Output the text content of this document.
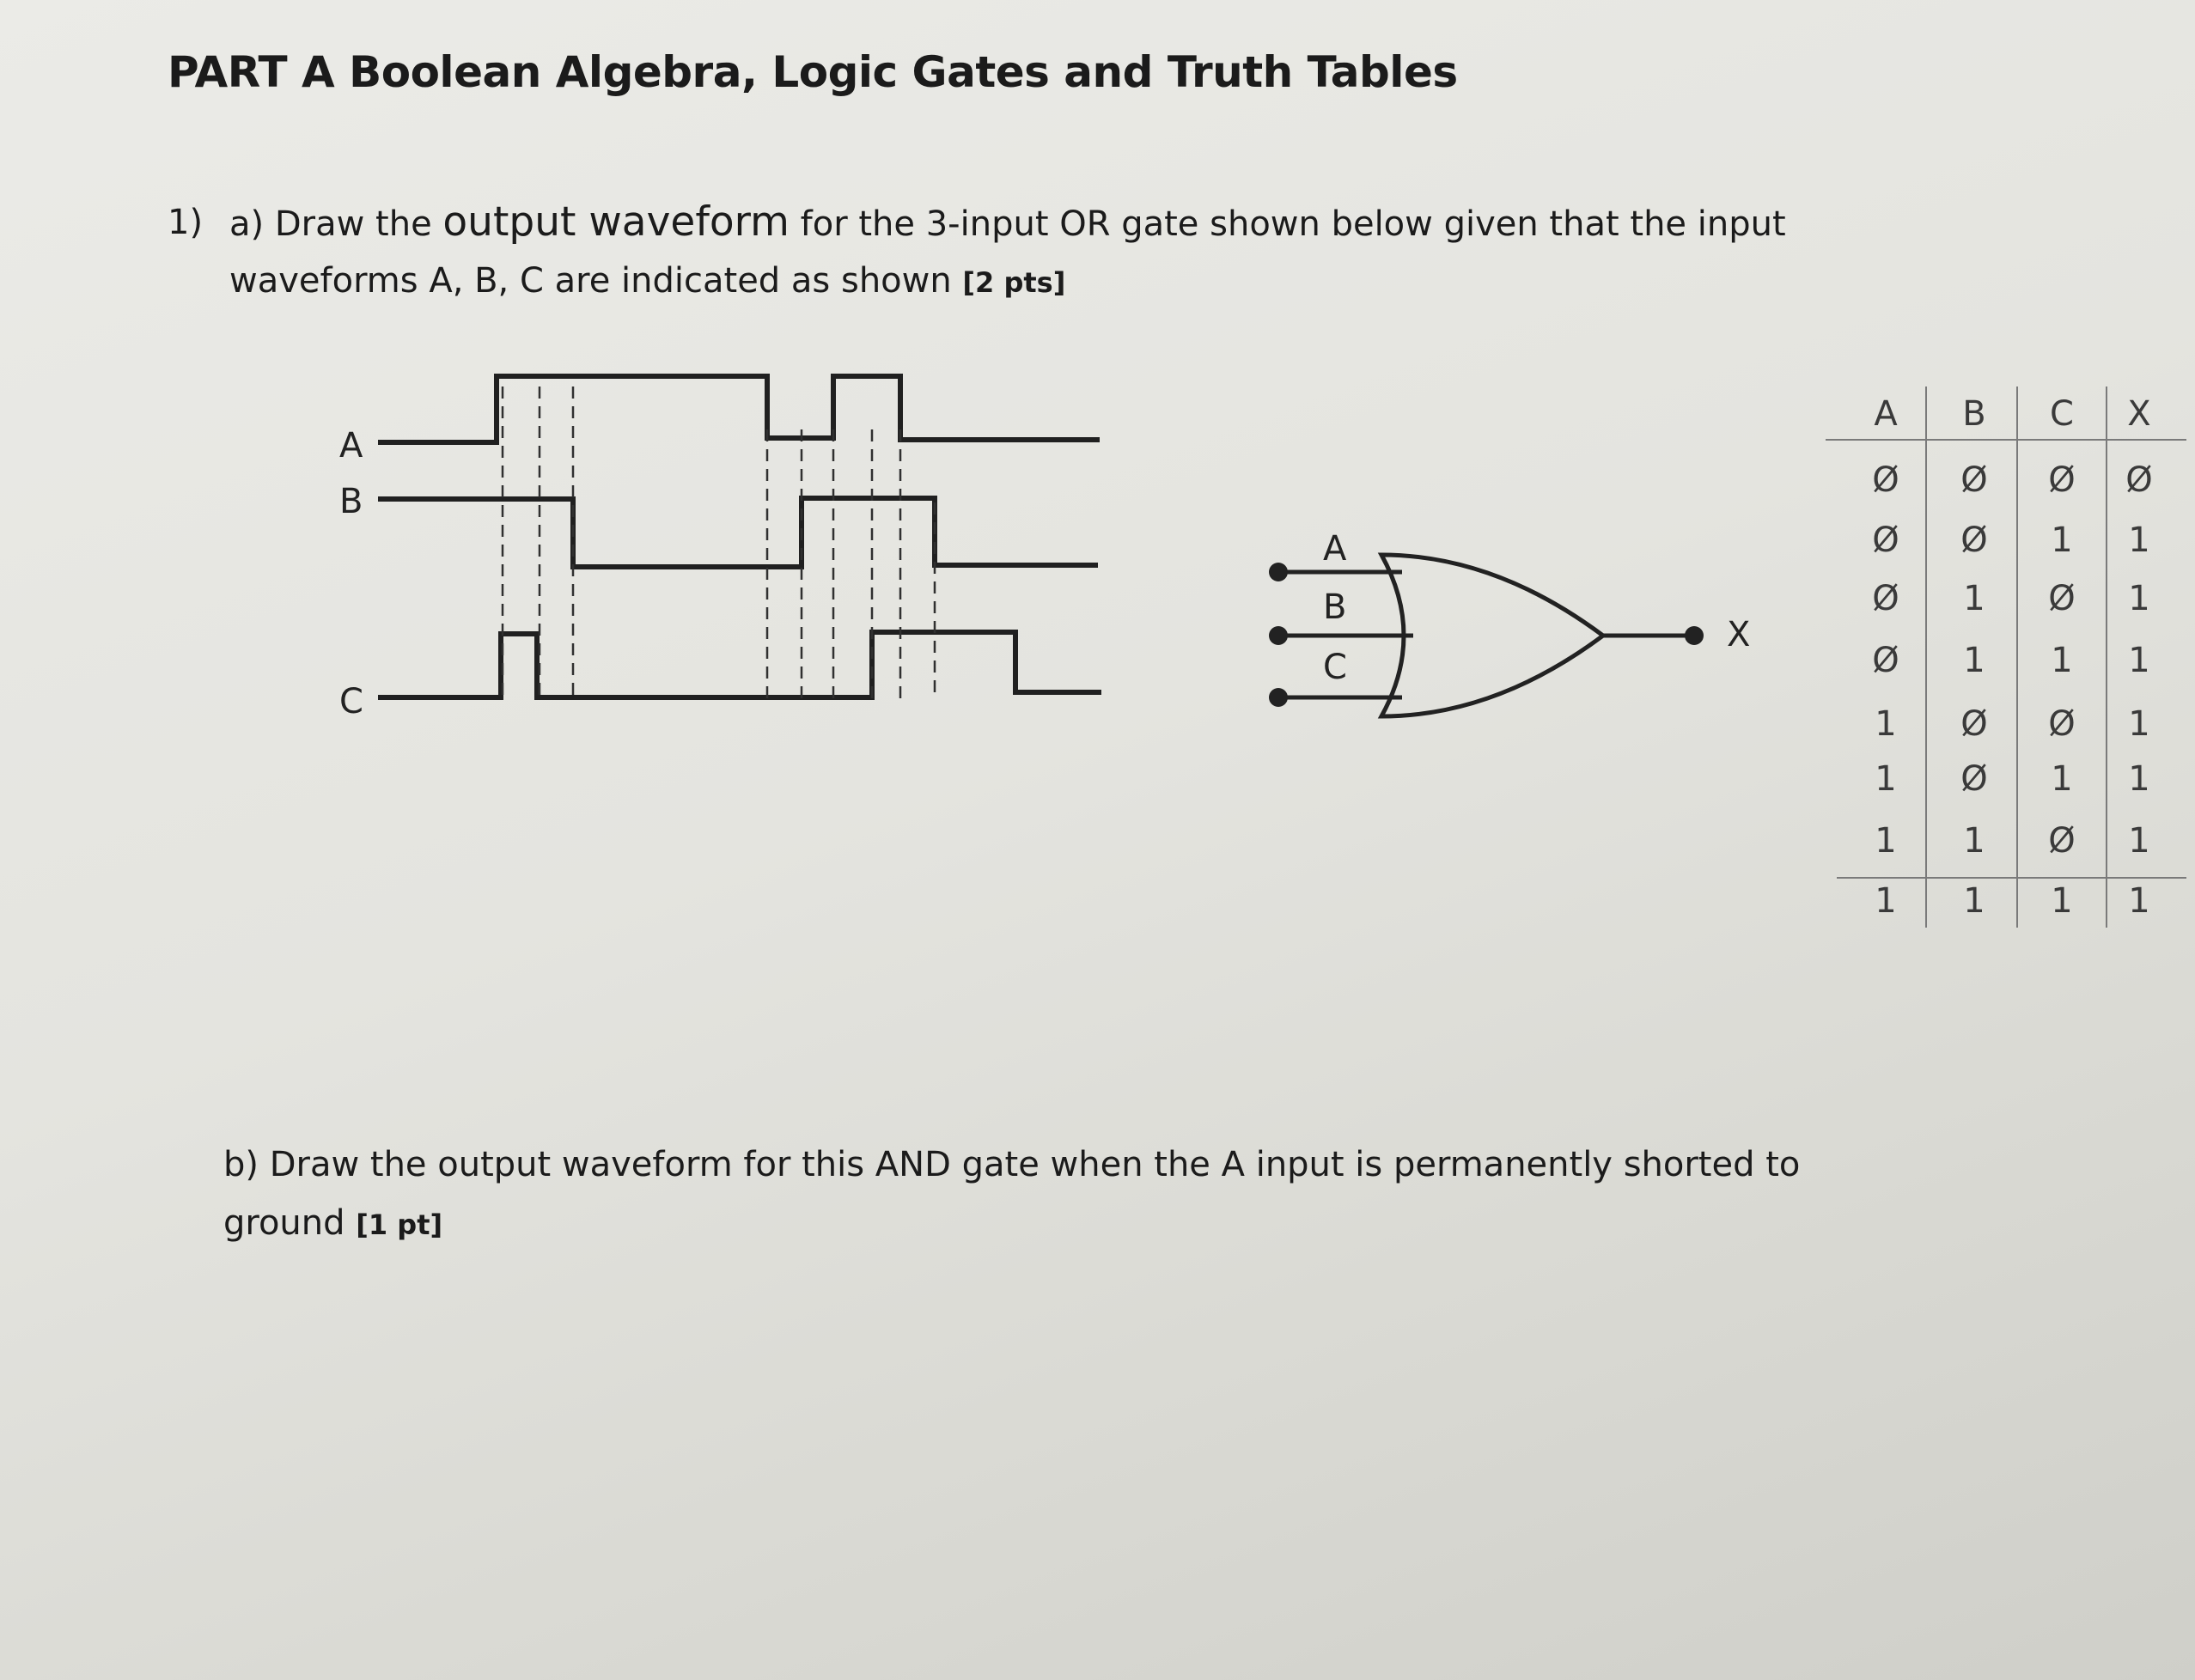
PART A Boolean Algebra, Logic Gates and Truth Tables
1) a) Draw the output waveform for the 3-input OR gate shown below given that the input
waveforms A, B, C are indicated as shown [2 pts]
b) Draw the output waveform for this AND gate when the A input is permanently shorted to
ground [1 pt]
A
B
C
A
B
C
X
A B C X
Ø Ø Ø Ø
Ø Ø 1 1
Ø 1 Ø 1
Ø 1 1 1
1 Ø Ø 1
1 Ø 1 1
1 1 Ø 1
1 1 1 1
